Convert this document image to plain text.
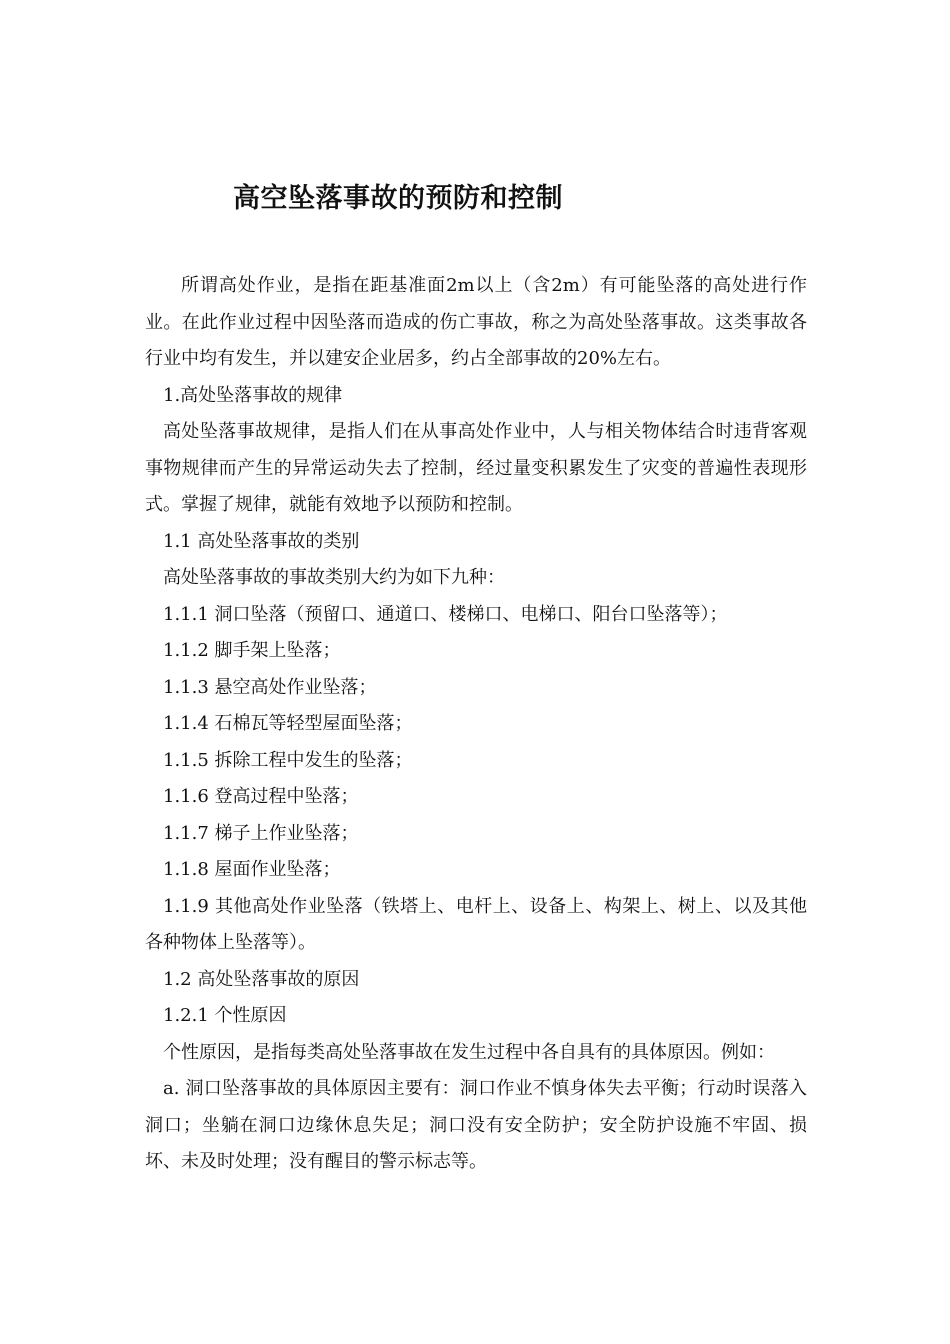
高空坠落事故的预防和控制

所谓高处作业，是指在距基准面2m以上（含2m）有可能坠落的高处进行作业。在此作业过程中因坠落而造成的伤亡事故，称之为高处坠落事故。这类事故各行业中均有发生，并以建安企业居多，约占全部事故的20%左右。

1.高处坠落事故的规律

高处坠落事故规律，是指人们在从事高处作业中，人与相关物体结合时违背客观事物规律而产生的异常运动失去了控制，经过量变积累发生了灾变的普遍性表现形式。掌握了规律，就能有效地予以预防和控制。

1.1 高处坠落事故的类别

高处坠落事故的事故类别大约为如下九种：

1.1.1 洞口坠落（预留口、通道口、楼梯口、电梯口、阳台口坠落等）；

1.1.2 脚手架上坠落；

1.1.3 悬空高处作业坠落；

1.1.4 石棉瓦等轻型屋面坠落；

1.1.5 拆除工程中发生的坠落；

1.1.6 登高过程中坠落；

1.1.7 梯子上作业坠落；

1.1.8 屋面作业坠落；

1.1.9 其他高处作业坠落（铁塔上、电杆上、设备上、构架上、树上、以及其他各种物体上坠落等）。

1.2 高处坠落事故的原因

1.2.1 个性原因

个性原因，是指每类高处坠落事故在发生过程中各自具有的具体原因。例如：

a. 洞口坠落事故的具体原因主要有：洞口作业不慎身体失去平衡；行动时误落入洞口；坐躺在洞口边缘休息失足；洞口没有安全防护；安全防护设施不牢固、损坏、未及时处理；没有醒目的警示标志等。
